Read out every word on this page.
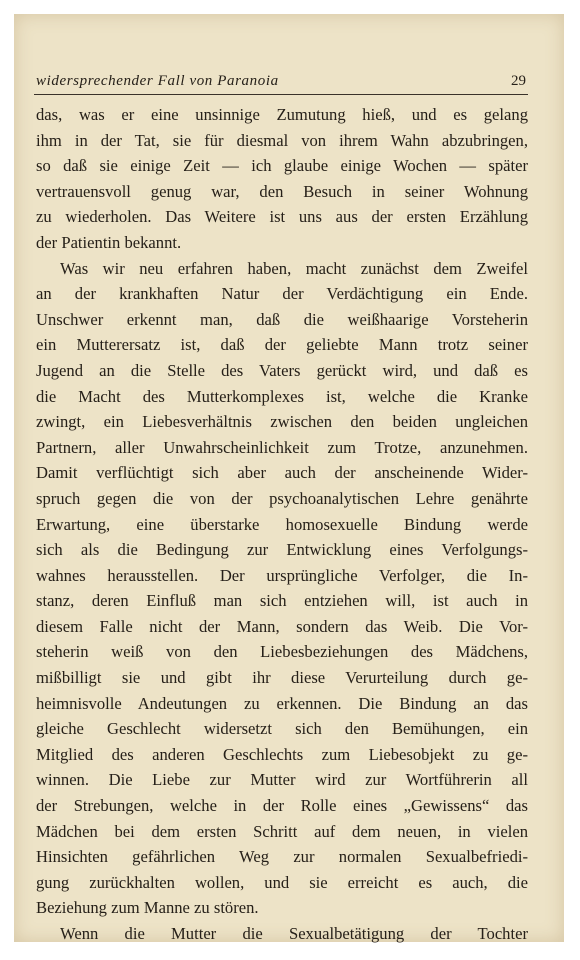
widersprechender Fall von Paranoia	29

das, was er eine unsinnige Zumutung hieß, und es gelang
ihm in der Tat, sie für diesmal von ihrem Wahn abzubringen,
so daß sie einige Zeit — ich glaube einige Wochen — später
vertrauensvoll genug war, den Besuch in seiner Wohnung
zu wiederholen. Das Weitere ist uns aus der ersten Erzählung
der Patientin bekannt.

Was wir neu erfahren haben, macht zunächst dem Zweifel
an der krankhaften Natur der Verdächtigung ein Ende.
Unschwer erkennt man, daß die weißhaarige Vorsteherin
ein Mutterersatz ist, daß der geliebte Mann trotz seiner
Jugend an die Stelle des Vaters gerückt wird, und daß es
die Macht des Mutterkomplexes ist, welche die Kranke
zwingt, ein Liebesverhältnis zwischen den beiden ungleichen
Partnern, aller Unwahrscheinlichkeit zum Trotze, anzunehmen.
Damit verflüchtigt sich aber auch der anscheinende Wider-
spruch gegen die von der psychoanalytischen Lehre genährte
Erwartung, eine überstarke homosexuelle Bindung werde
sich als die Bedingung zur Entwicklung eines Verfolgungs-
wahnes herausstellen. Der ursprüngliche Verfolger, die In-
stanz, deren Einfluß man sich entziehen will, ist auch in
diesem Falle nicht der Mann, sondern das Weib. Die Vor-
steherin weiß von den Liebesbeziehungen des Mädchens,
mißbilligt sie und gibt ihr diese Verurteilung durch ge-
heimnisvolle Andeutungen zu erkennen. Die Bindung an das
gleiche Geschlecht widersetzt sich den Bemühungen, ein
Mitglied des anderen Geschlechts zum Liebesobjekt zu ge-
winnen. Die Liebe zur Mutter wird zur Wortführerin all
der Strebungen, welche in der Rolle eines „Gewissens“ das
Mädchen bei dem ersten Schritt auf dem neuen, in vielen
Hinsichten gefährlichen Weg zur normalen Sexualbefriedi-
gung zurückhalten wollen, und sie erreicht es auch, die
Beziehung zum Manne zu stören.

Wenn die Mutter die Sexualbetätigung der Tochter
